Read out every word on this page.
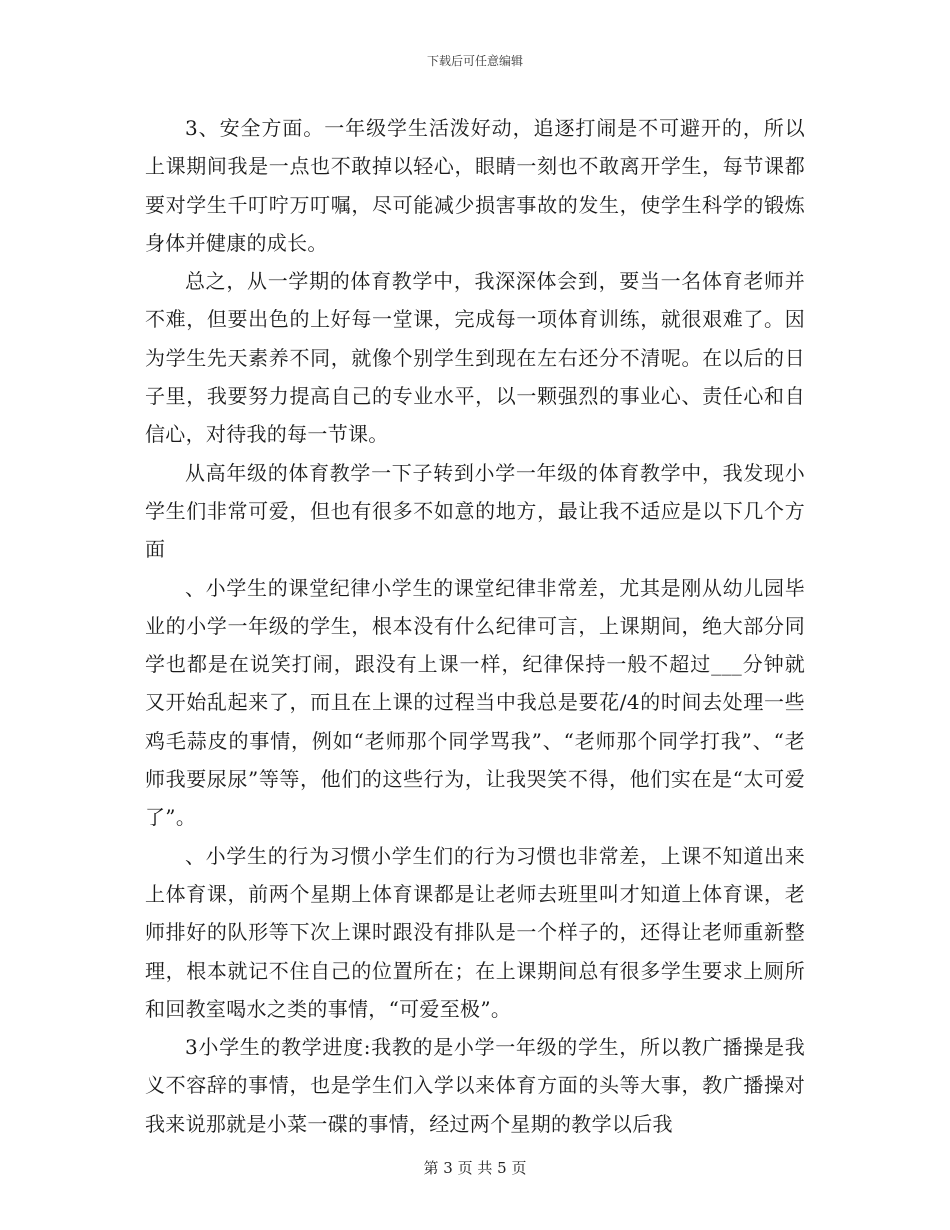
下载后可任意编辑

3、安全方面。一年级学生活泼好动，追逐打闹是不可避开的，所以上课期间我是一点也不敢掉以轻心，眼睛一刻也不敢离开学生，每节课都要对学生千叮咛万叮嘱，尽可能减少损害事故的发生，使学生科学的锻炼身体并健康的成长。

总之，从一学期的体育教学中，我深深体会到，要当一名体育老师并不难，但要出色的上好每一堂课，完成每一项体育训练，就很艰难了。因为学生先天素养不同，就像个别学生到现在左右还分不清呢。在以后的日子里，我要努力提高自己的专业水平，以一颗强烈的事业心、责任心和自信心，对待我的每一节课。

从高年级的体育教学一下子转到小学一年级的体育教学中，我发现小学生们非常可爱，但也有很多不如意的地方，最让我不适应是以下几个方面

、小学生的课堂纪律小学生的课堂纪律非常差，尤其是刚从幼儿园毕业的小学一年级的学生，根本没有什么纪律可言，上课期间，绝大部分同学也都是在说笑打闹，跟没有上课一样，纪律保持一般不超过___分钟就又开始乱起来了，而且在上课的过程当中我总是要花/4的时间去处理一些鸡毛蒜皮的事情，例如“老师那个同学骂我”、“老师那个同学打我”、“老师我要尿尿”等等，他们的这些行为，让我哭笑不得，他们实在是“太可爱了”。

、小学生的行为习惯小学生们的行为习惯也非常差，上课不知道出来上体育课，前两个星期上体育课都是让老师去班里叫才知道上体育课，老师排好的队形等下次上课时跟没有排队是一个样子的，还得让老师重新整理，根本就记不住自己的位置所在；在上课期间总有很多学生要求上厕所和回教室喝水之类的事情，“可爱至极”。

3小学生的教学进度:我教的是小学一年级的学生，所以教广播操是我义不容辞的事情，也是学生们入学以来体育方面的头等大事，教广播操对我来说那就是小菜一碟的事情，经过两个星期的教学以后我

第 3 页 共 5 页
